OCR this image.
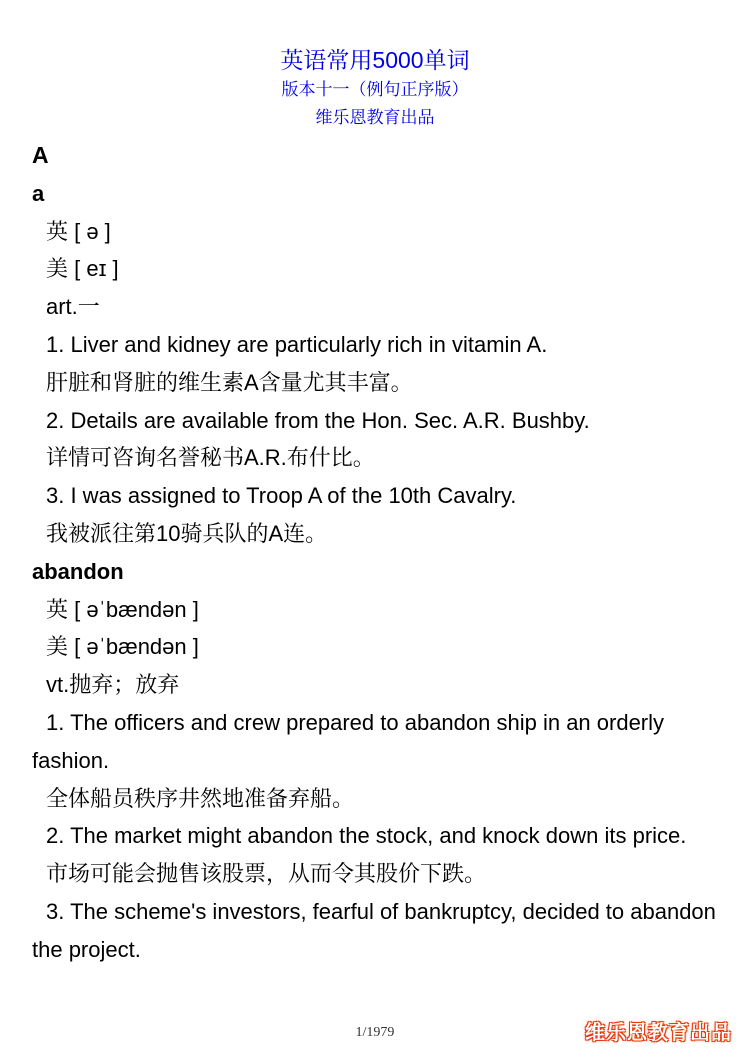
英语常用5000单词
版本十一（例句正序版）
维乐恩教育出品
A
a
英 [ ə ]
美 [ eɪ ]
art.一
1. Liver and kidney are particularly rich in vitamin A.
肝脏和肾脏的维生素A含量尤其丰富。
2. Details are available from the Hon. Sec. A.R. Bushby.
详情可咨询名誉秘书A.R.布什比。
3. I was assigned to Troop A of the 10th Cavalry.
我被派往第10骑兵队的A连。
abandon
英 [ əˈbændən ]
美 [ əˈbændən ]
vt.抛弃；放弃
1. The officers and crew prepared to abandon ship in an orderly fashion.
全体船员秩序井然地准备弃船。
2. The market might abandon the stock, and knock down its price.
市场可能会抛售该股票，从而令其股价下跌。
3. The scheme's investors, fearful of bankruptcy, decided to abandon the project.
1/1979	维乐恩教育出品
